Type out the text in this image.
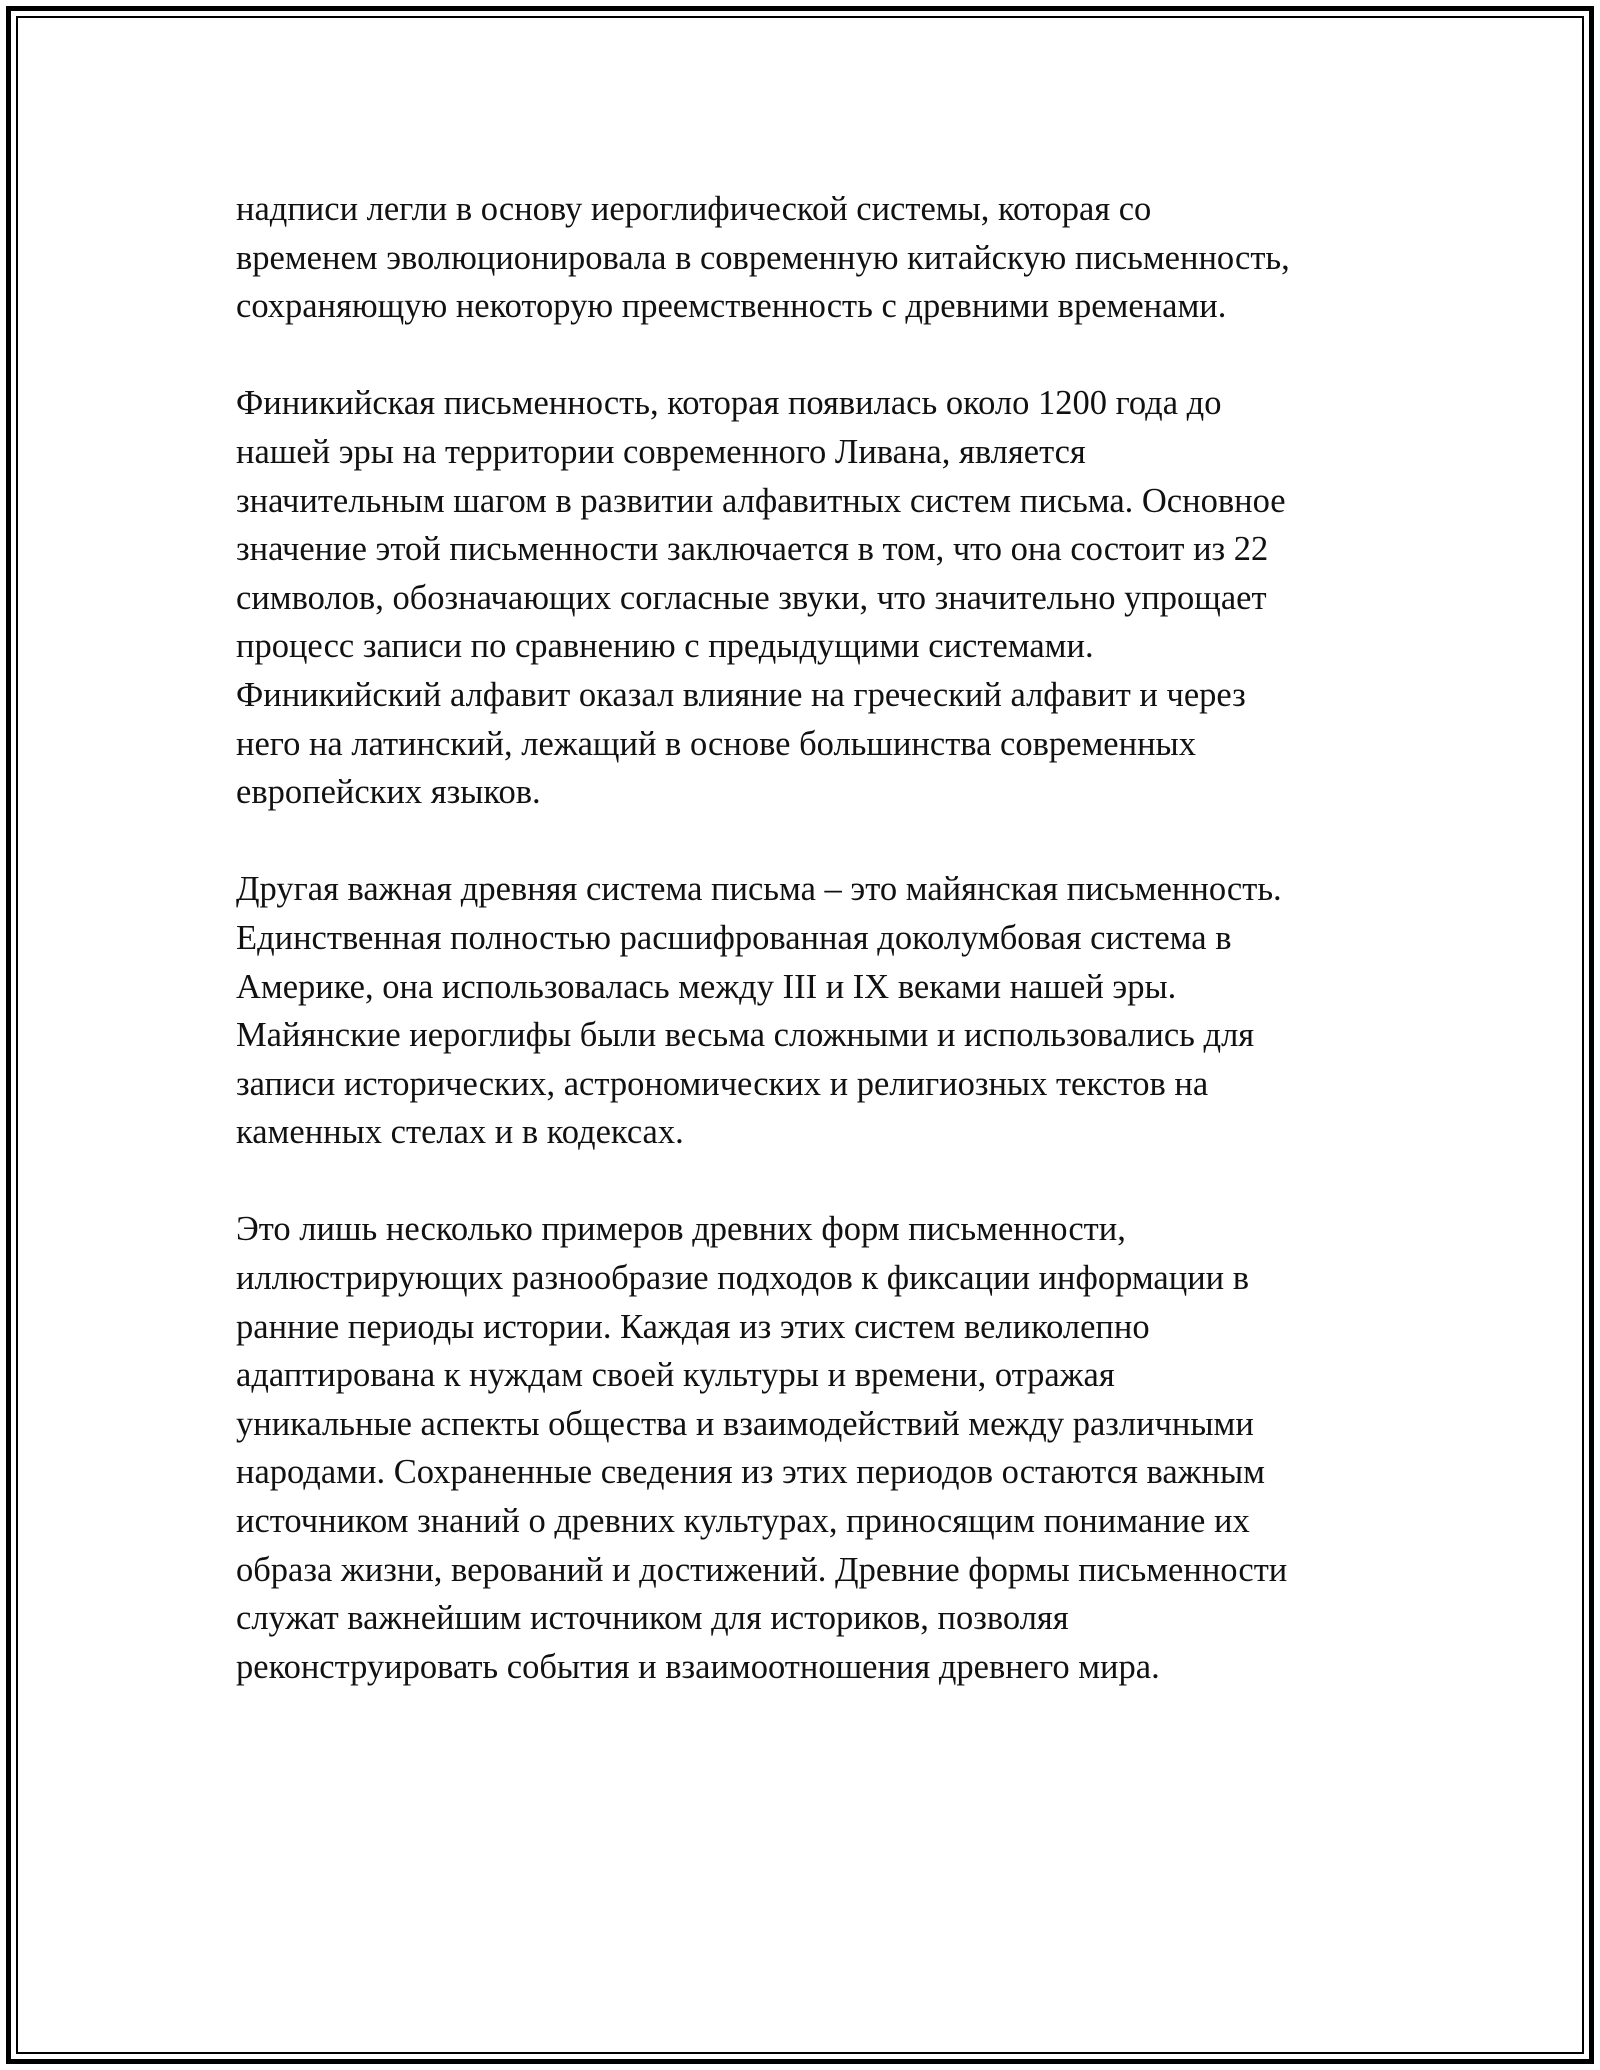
надписи легли в основу иероглифической системы, которая со
временем эволюционировала в современную китайскую письменность,
сохраняющую некоторую преемственность с древними временами.

Финикийская письменность, которая появилась около 1200 года до
нашей эры на территории современного Ливана, является
значительным шагом в развитии алфавитных систем письма. Основное
значение этой письменности заключается в том, что она состоит из 22
символов, обозначающих согласные звуки, что значительно упрощает
процесс записи по сравнению с предыдущими системами.
Финикийский алфавит оказал влияние на греческий алфавит и через
него на латинский, лежащий в основе большинства современных
европейских языков.

Другая важная древняя система письма – это майянская письменность.
Единственная полностью расшифрованная доколумбовая система в
Америке, она использовалась между III и IX веками нашей эры.
Майянские иероглифы были весьма сложными и использовались для
записи исторических, астрономических и религиозных текстов на
каменных стелах и в кодексах.

Это лишь несколько примеров древних форм письменности,
иллюстрирующих разнообразие подходов к фиксации информации в
ранние периоды истории. Каждая из этих систем великолепно
адаптирована к нуждам своей культуры и времени, отражая
уникальные аспекты общества и взаимодействий между различными
народами. Сохраненные сведения из этих периодов остаются важным
источником знаний о древних культурах, приносящим понимание их
образа жизни, верований и достижений. Древние формы письменности
служат важнейшим источником для историков, позволяя
реконструировать события и взаимоотношения древнего мира.
